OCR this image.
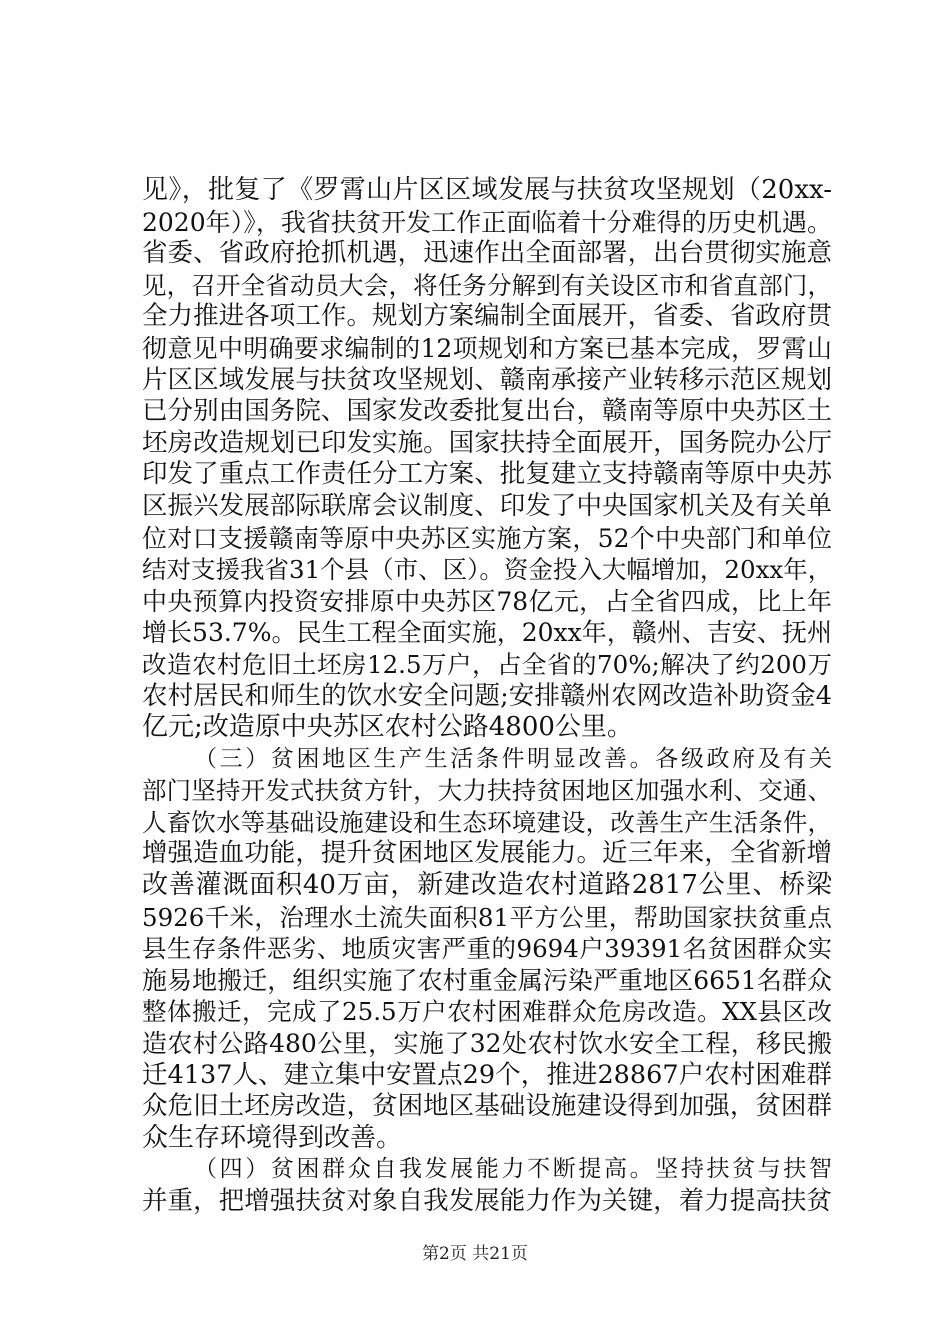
见》，批复了《罗霄山片区区域发展与扶贫攻坚规划（20xx-
2020年）》，我省扶贫开发工作正面临着十分难得的历史机遇。
省委、省政府抢抓机遇，迅速作出全面部署，出台贯彻实施意
见，召开全省动员大会，将任务分解到有关设区市和省直部门，
全力推进各项工作。规划方案编制全面展开，省委、省政府贯
彻意见中明确要求编制的12项规划和方案已基本完成，罗霄山
片区区域发展与扶贫攻坚规划、赣南承接产业转移示范区规划
已分别由国务院、国家发改委批复出台，赣南等原中央苏区土
坯房改造规划已印发实施。国家扶持全面展开，国务院办公厅
印发了重点工作责任分工方案、批复建立支持赣南等原中央苏
区振兴发展部际联席会议制度、印发了中央国家机关及有关单
位对口支援赣南等原中央苏区实施方案，52个中央部门和单位
结对支援我省31个县（市、区）。资金投入大幅增加，20xx年，
中央预算内投资安排原中央苏区78亿元，占全省四成，比上年
增长53.7%。民生工程全面实施，20xx年，赣州、吉安、抚州
改造农村危旧土坯房12.5万户，占全省的70%;解决了约200万
农村居民和师生的饮水安全问题;安排赣州农网改造补助资金4
亿元;改造原中央苏区农村公路4800公里。
（三）贫困地区生产生活条件明显改善。各级政府及有关
部门坚持开发式扶贫方针，大力扶持贫困地区加强水利、交通、
人畜饮水等基础设施建设和生态环境建设，改善生产生活条件，
增强造血功能，提升贫困地区发展能力。近三年来，全省新增
改善灌溉面积40万亩，新建改造农村道路2817公里、桥梁
5926千米，治理水土流失面积81平方公里，帮助国家扶贫重点
县生存条件恶劣、地质灾害严重的9694户39391名贫困群众实
施易地搬迁，组织实施了农村重金属污染严重地区6651名群众
整体搬迁，完成了25.5万户农村困难群众危房改造。XX县区改
造农村公路480公里，实施了32处农村饮水安全工程，移民搬
迁4137人、建立集中安置点29个，推进28867户农村困难群
众危旧土坯房改造，贫困地区基础设施建设得到加强，贫困群
众生存环境得到改善。
（四）贫困群众自我发展能力不断提高。坚持扶贫与扶智
并重，把增强扶贫对象自我发展能力作为关键，着力提高扶贫
第2页 共21页
